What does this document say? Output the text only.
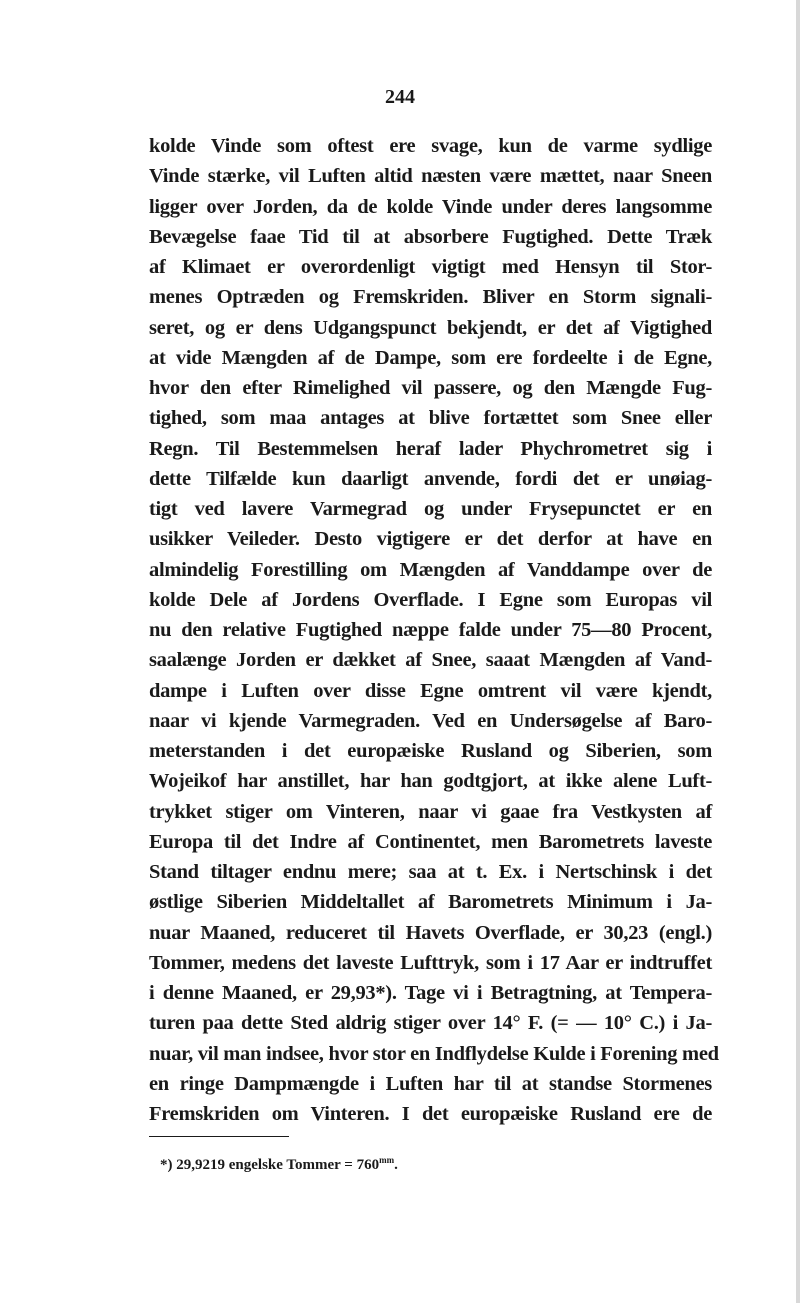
244
kolde Vinde som oftest ere svage, kun de varme sydlige
Vinde stærke, vil Luften altid næsten være mættet, naar Sneen
ligger over Jorden, da de kolde Vinde under deres langsomme
Bevægelse faae Tid til at absorbere Fugtighed. Dette Træk
af Klimaet er overordenligt vigtigt med Hensyn til Stor-
menes Optræden og Fremskriden. Bliver en Storm signali-
seret, og er dens Udgangspunct bekjendt, er det af Vigtighed
at vide Mængden af de Dampe, som ere fordeelte i de Egne,
hvor den efter Rimelighed vil passere, og den Mængde Fug-
tighed, som maa antages at blive fortættet som Snee eller
Regn. Til Bestemmelsen heraf lader Phychrometret sig i
dette Tilfælde kun daarligt anvende, fordi det er unøiag-
tigt ved lavere Varmegrad og under Frysepunctet er en
usikker Veileder. Desto vigtigere er det derfor at have en
almindelig Forestilling om Mængden af Vanddampe over de
kolde Dele af Jordens Overflade. I Egne som Europas vil
nu den relative Fugtighed næppe falde under 75—80 Procent,
saalænge Jorden er dækket af Snee, saaat Mængden af Vand-
dampe i Luften over disse Egne omtrent vil være kjendt,
naar vi kjende Varmegraden. Ved en Undersøgelse af Baro-
meterstanden i det europæiske Rusland og Siberien, som
Wojeikof har anstillet, har han godtgjort, at ikke alene Luft-
trykket stiger om Vinteren, naar vi gaae fra Vestkysten af
Europa til det Indre af Continentet, men Barometrets laveste
Stand tiltager endnu mere; saa at t. Ex. i Nertschinsk i det
østlige Siberien Middeltallet af Barometrets Minimum i Ja-
nuar Maaned, reduceret til Havets Overflade, er 30,23 (engl.)
Tommer, medens det laveste Lufttryk, som i 17 Aar er indtruffet
i denne Maaned, er 29,93*). Tage vi i Betragtning, at Tempera-
turen paa dette Sted aldrig stiger over 14° F. (= — 10° C.) i Ja-
nuar, vil man indsee, hvor stor en Indflydelse Kulde i Forening med
en ringe Dampmængde i Luften har til at standse Stormenes
Fremskriden om Vinteren. I det europæiske Rusland ere de
*) 29,9219 engelske Tommer = $760^{mm}$.
